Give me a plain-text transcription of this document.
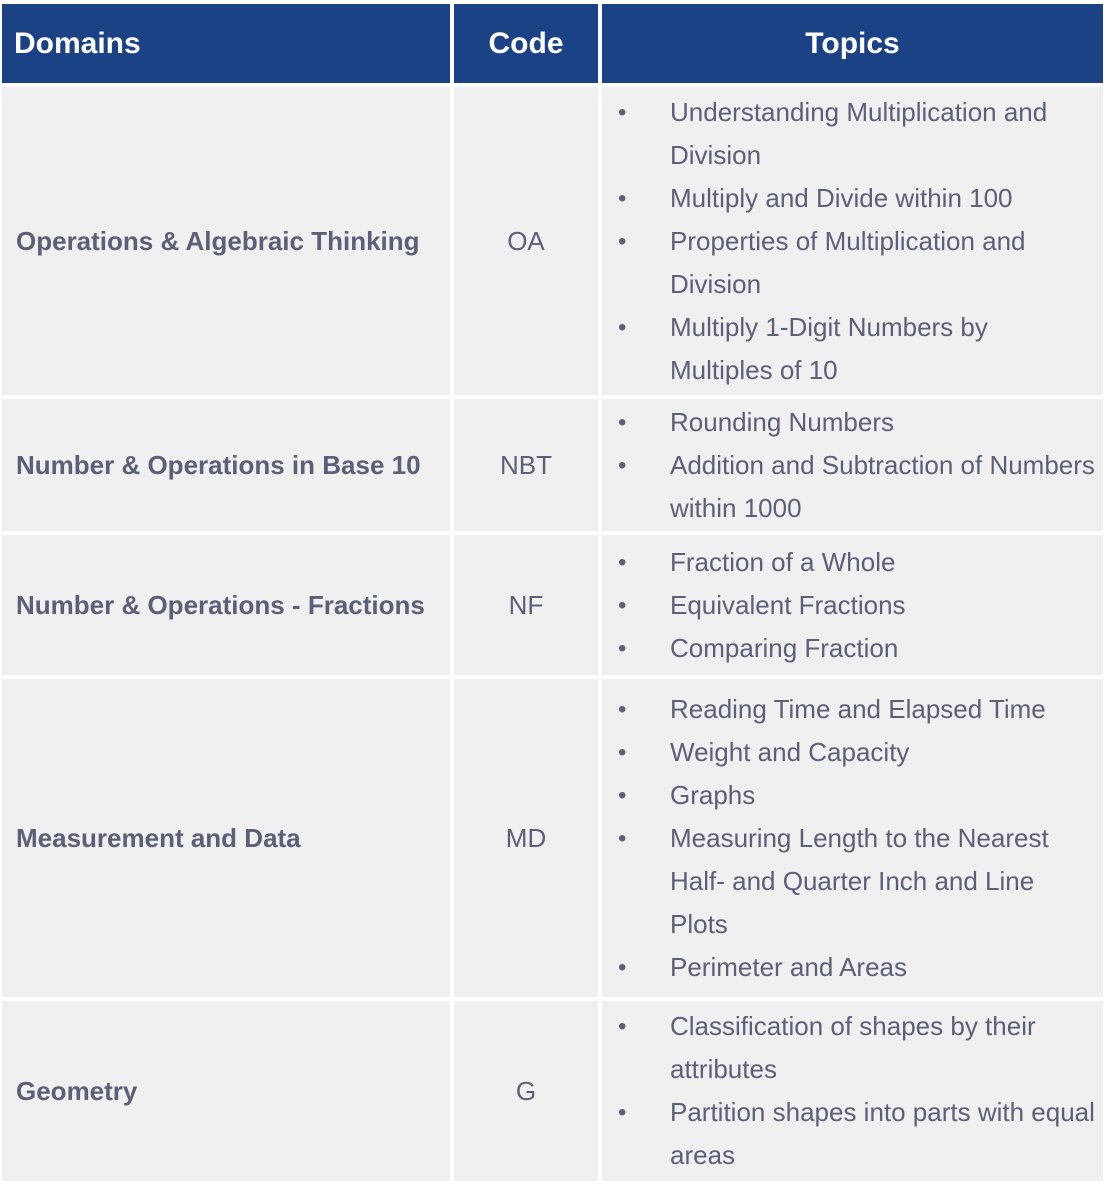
Domains	Code	Topics
Operations & Algebraic Thinking	OA
• Understanding Multiplication and Division
• Multiply and Divide within 100
• Properties of Multiplication and Division
• Multiply 1-Digit Numbers by Multiples of 10
Number & Operations in Base 10	NBT
• Rounding Numbers
• Addition and Subtraction of Numbers within 1000
Number & Operations - Fractions	NF
• Fraction of a Whole
• Equivalent Fractions
• Comparing Fraction
Measurement and Data	MD
• Reading Time and Elapsed Time
• Weight and Capacity
• Graphs
• Measuring Length to the Nearest Half- and Quarter Inch and Line Plots
• Perimeter and Areas
Geometry	G
• Classification of shapes by their attributes
• Partition shapes into parts with equal areas
